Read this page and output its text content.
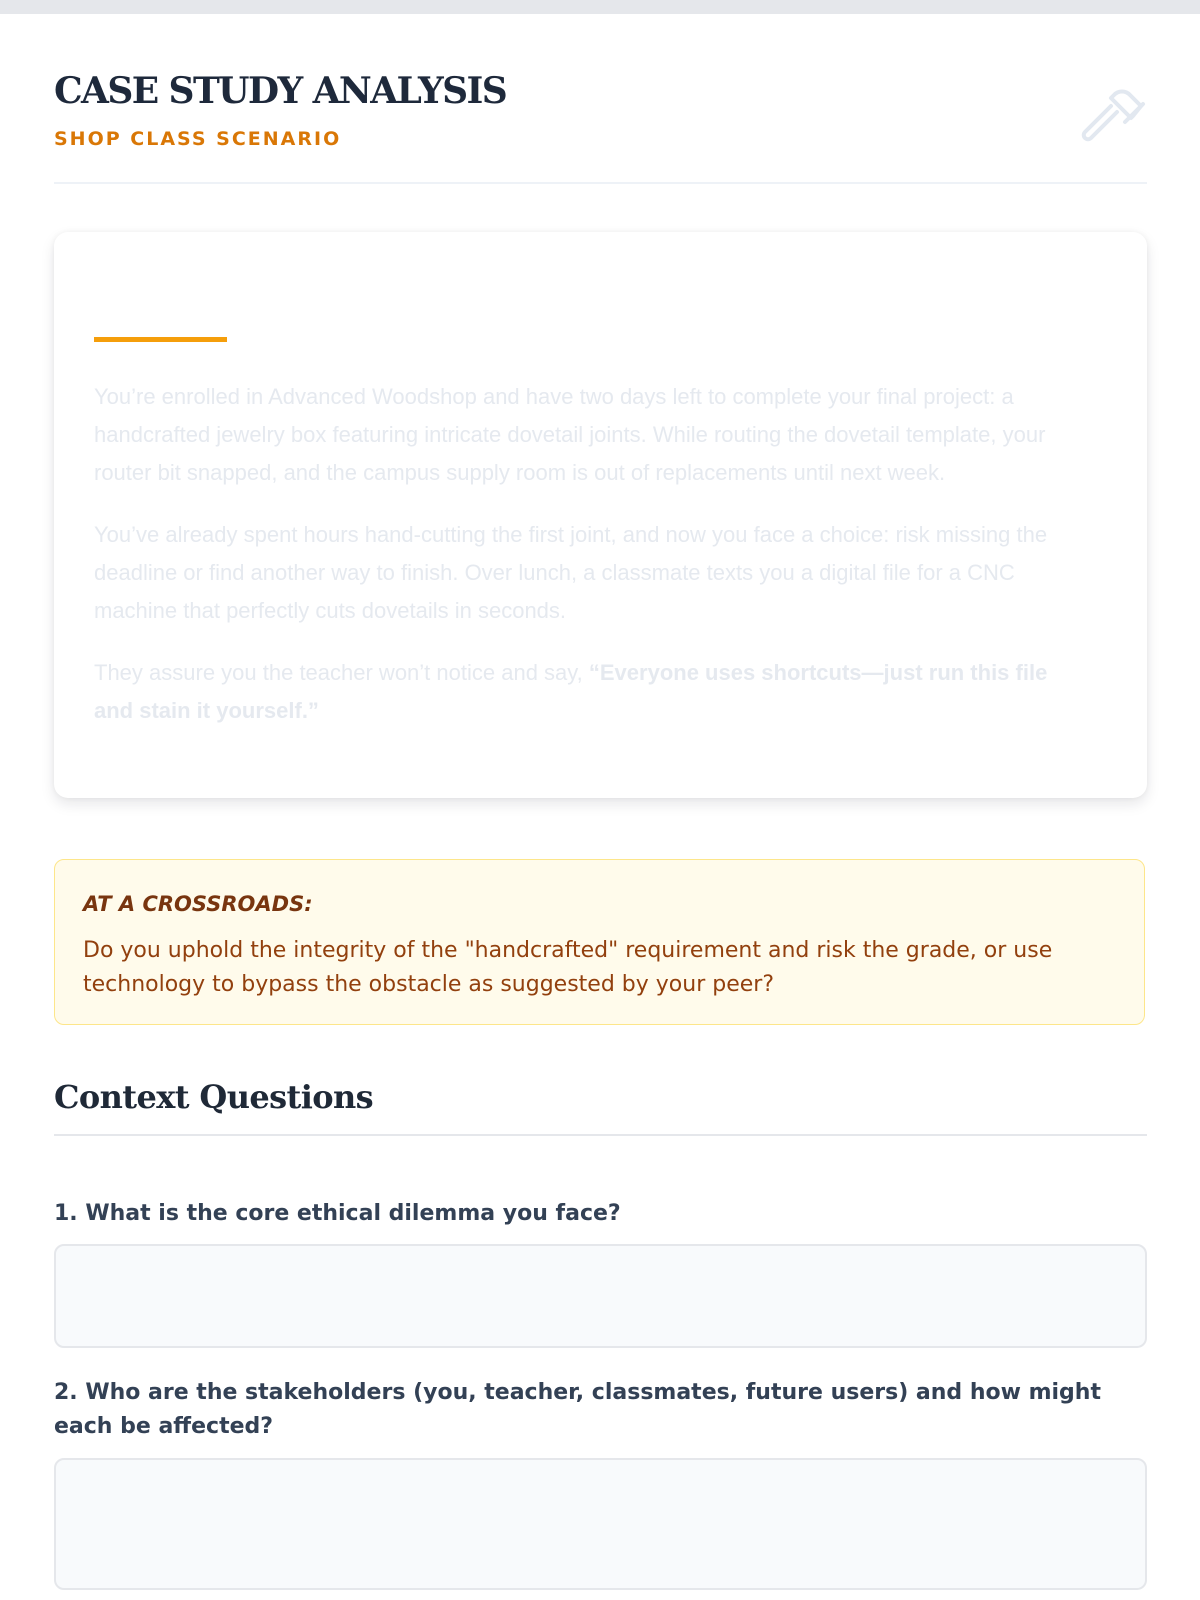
CASE STUDY ANALYSIS
SHOP CLASS SCENARIO

You’re enrolled in Advanced Woodshop and have two days left to complete your final project: a handcrafted jewelry box featuring intricate dovetail joints. While routing the dovetail template, your router bit snapped, and the campus supply room is out of replacements until next week.

You’ve already spent hours hand-cutting the first joint, and now you face a choice: risk missing the deadline or find another way to finish. Over lunch, a classmate texts you a digital file for a CNC machine that perfectly cuts dovetails in seconds.

They assure you the teacher won’t notice and say, “Everyone uses shortcuts—just run this file and stain it yourself.”

AT A CROSSROADS:
Do you uphold the integrity of the "handcrafted" requirement and risk the grade, or use technology to bypass the obstacle as suggested by your peer?
Context Questions
1. What is the core ethical dilemma you face?
2. Who are the stakeholders (you, teacher, classmates, future users) and how might each be affected?
